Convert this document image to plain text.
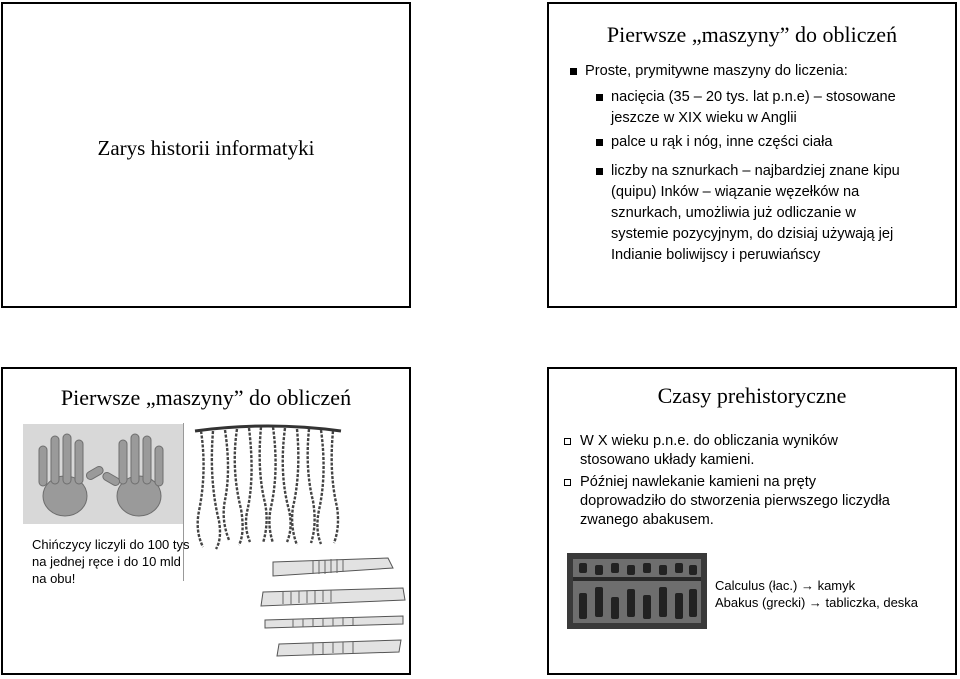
Zarys historii informatyki
Pierwsze „maszyny” do obliczeń
Proste, prymitywne maszyny do liczenia:
nacięcia (35 – 20 tys. lat p.n.e) – stosowane
jeszcze w XIX wieku w Anglii
palce u rąk i nóg, inne części ciała
liczby na sznurkach – najbardziej znane kipu
(quipu) Inków – wiązanie węzełków na
sznurkach, umożliwia już odliczanie w
systemie pozycyjnym, do dzisiaj używają jej
Indianie boliwijscy i peruwiańscy
Pierwsze „maszyny” do obliczeń
Chińczycy liczyli do 100 tys
na jednej ręce i do 10 mld
na obu!
Czasy prehistoryczne
W X wieku p.n.e. do obliczania wyników
stosowano układy kamieni.
Później nawlekanie kamieni na pręty
doprowadziło do stworzenia pierwszego liczydła
zwanego abakusem.
Calculus (łac.) → kamyk
Abakus (grecki) → tabliczka, deska
